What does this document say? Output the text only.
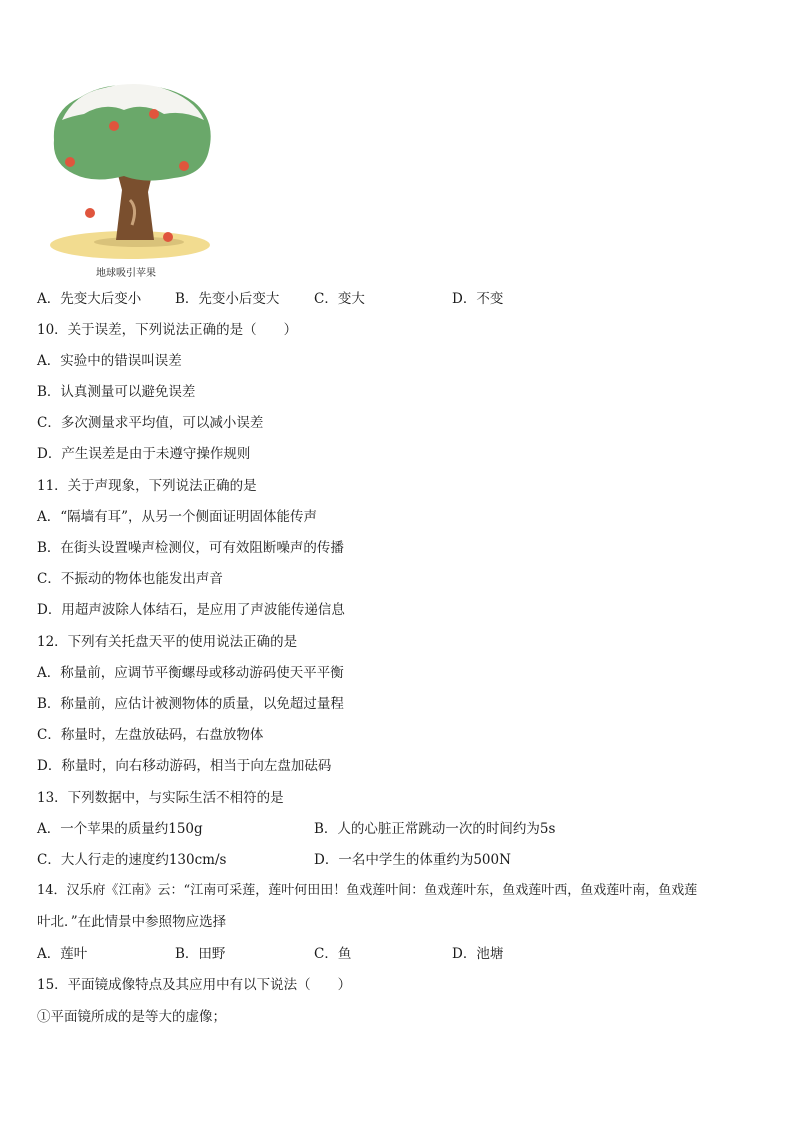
地球吸引苹果
A．先变大后变小	B．先变小后变大	C．变大	D．不变
10．关于误差，下列说法正确的是（　　）
A．实验中的错误叫误差
B．认真测量可以避免误差
C．多次测量求平均值，可以减小误差
D．产生误差是由于未遵守操作规则
11．关于声现象，下列说法正确的是
A．“隔墙有耳”，从另一个侧面证明固体能传声
B．在街头设置噪声检测仪，可有效阻断噪声的传播
C．不振动的物体也能发出声音
D．用超声波除人体结石，是应用了声波能传递信息
12．下列有关托盘天平的使用说法正确的是
A．称量前，应调节平衡螺母或移动游码使天平平衡
B．称量前，应估计被测物体的质量，以免超过量程
C．称量时，左盘放砝码，右盘放物体
D．称量时，向右移动游码，相当于向左盘加砝码
13．下列数据中，与实际生活不相符的是
A．一个苹果的质量约150g	B．人的心脏正常跳动一次的时间约为5s
C．大人行走的速度约130cm/s	D．一名中学生的体重约为500N
14．汉乐府《江南》云：“江南可采莲，莲叶何田田！鱼戏莲叶间：鱼戏莲叶东，鱼戏莲叶西，鱼戏莲叶南，鱼戏莲
叶北．”在此情景中参照物应选择
A．莲叶	B．田野	C．鱼	D．池塘
15．平面镜成像特点及其应用中有以下说法（　　）
①平面镜所成的是等大的虚像；
